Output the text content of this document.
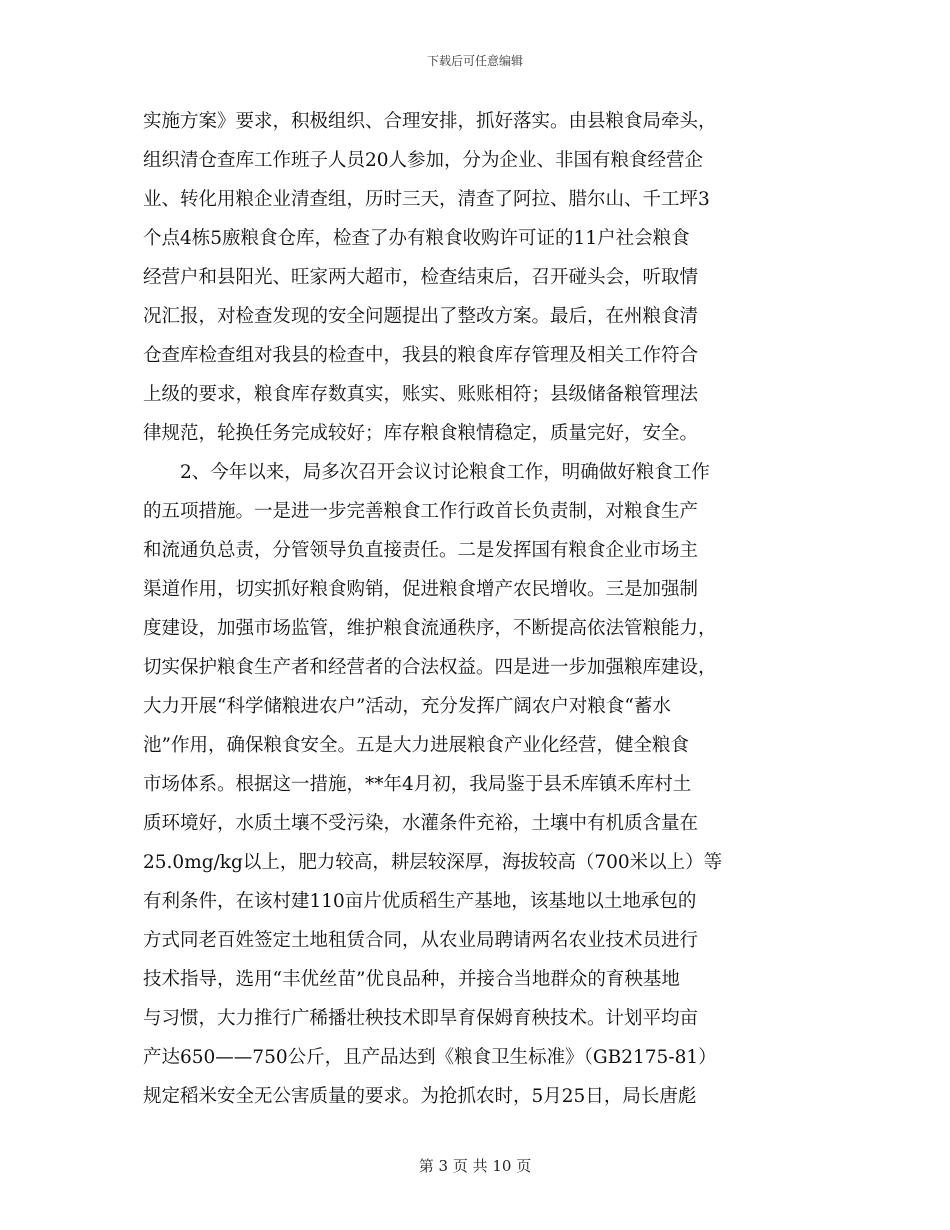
下载后可任意编辑
实施方案》要求，积极组织、合理安排，抓好落实。由县粮食局牵头，
组织清仓查库工作班子人员20人参加，分为企业、非国有粮食经营企
业、转化用粮企业清查组，历时三天，清查了阿拉、腊尔山、千工坪3
个点4栋5廒粮食仓库，检查了办有粮食收购许可证的11户社会粮食
经营户和县阳光、旺家两大超市，检查结束后，召开碰头会，听取情
况汇报，对检查发现的安全问题提出了整改方案。最后，在州粮食清
仓查库检查组对我县的检查中，我县的粮食库存管理及相关工作符合
上级的要求，粮食库存数真实，账实、账账相符；县级储备粮管理法
律规范，轮换任务完成较好；库存粮食粮情稳定，质量完好，安全。
　　2、今年以来，局多次召开会议讨论粮食工作，明确做好粮食工作
的五项措施。一是进一步完善粮食工作行政首长负责制，对粮食生产
和流通负总责，分管领导负直接责任。二是发挥国有粮食企业市场主
渠道作用，切实抓好粮食购销，促进粮食增产农民增收。三是加强制
度建设，加强市场监管，维护粮食流通秩序，不断提高依法管粮能力，
切实保护粮食生产者和经营者的合法权益。四是进一步加强粮库建设，
大力开展“科学储粮进农户”活动，充分发挥广阔农户对粮食“蓄水
池”作用，确保粮食安全。五是大力进展粮食产业化经营，健全粮食
市场体系。根据这一措施，**年4月初，我局鉴于县禾库镇禾库村土
质环境好，水质土壤不受污染，水灌条件充裕，土壤中有机质含量在
25.0mg/kg以上，肥力较高，耕层较深厚，海拔较高（700米以上）等
有利条件，在该村建110亩片优质稻生产基地，该基地以土地承包的
方式同老百姓签定土地租赁合同，从农业局聘请两名农业技术员进行
技术指导，选用“丰优丝苗”优良品种，并接合当地群众的育秧基地
与习惯，大力推行广稀播壮秧技术即旱育保姆育秧技术。计划平均亩
产达650——750公斤，且产品达到《粮食卫生标准》（GB2175-81）
规定稻米安全无公害质量的要求。为抢抓农时，5月25日，局长唐彪
第 3 页 共 10 页
